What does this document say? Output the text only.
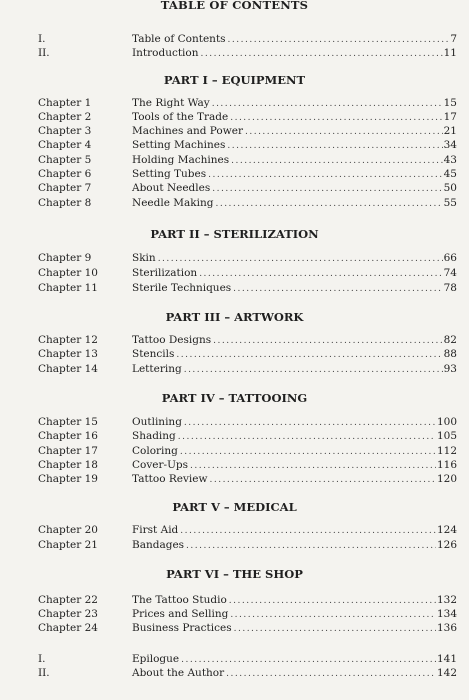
TABLE OF CONTENTS
I.	Table of Contents .....	7
II.	Introduction .....	11
PART I – EQUIPMENT
Chapter 1	The Right Way .....	15
Chapter 2	Tools of the Trade .....	17
Chapter 3	Machines and Power .....	21
Chapter 4	Setting Machines .....	34
Chapter 5	Holding Machines .....	43
Chapter 6	Setting Tubes .....	45
Chapter 7	About Needles .....	50
Chapter 8	Needle Making .....	55
PART II – STERILIZATION
Chapter 9	Skin .....	66
Chapter 10	Sterilization .....	74
Chapter 11	Sterile Techniques .....	78
PART III – ARTWORK
Chapter 12	Tattoo Designs .....	82
Chapter 13	Stencils .....	88
Chapter 14	Lettering .....	93
PART IV – TATTOOING
Chapter 15	Outlining .....	100
Chapter 16	Shading .....	105
Chapter 17	Coloring .....	112
Chapter 18	Cover-Ups .....	116
Chapter 19	Tattoo Review .....	120
PART V – MEDICAL
Chapter 20	First Aid .....	124
Chapter 21	Bandages .....	126
PART VI – THE SHOP
Chapter 22	The Tattoo Studio .....	132
Chapter 23	Prices and Selling .....	134
Chapter 24	Business Practices .....	136
I.	Epilogue .....	141
II.	About the Author .....	142
